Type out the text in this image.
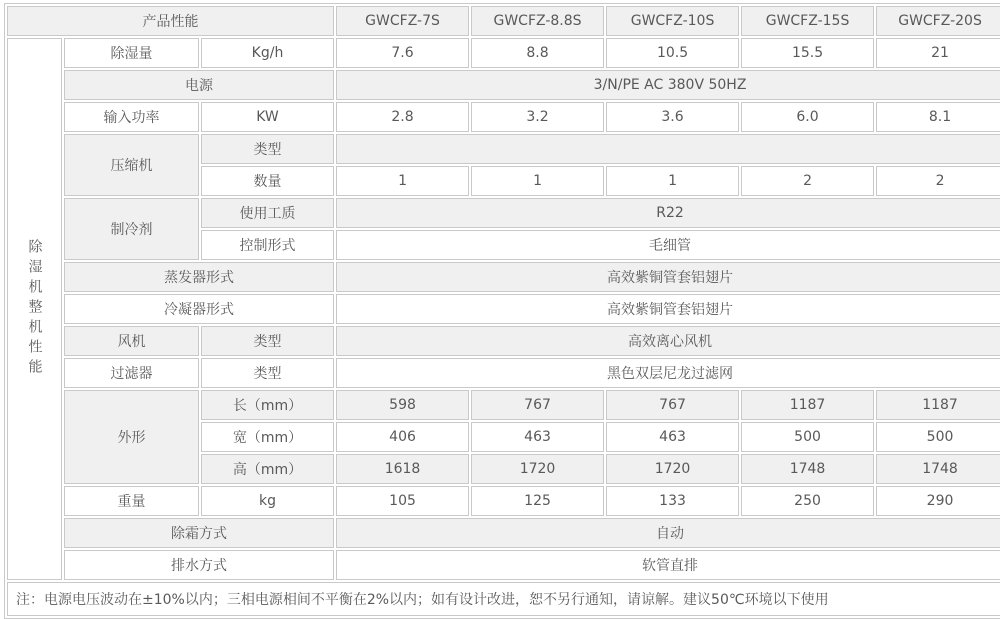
产品性能			GWCFZ-7S	GWCFZ-8.8S	GWCFZ-10S	GWCFZ-15S	GWCFZ-20S
除湿机整机性能	除湿量	Kg/h	7.6	8.8	10.5	15.5	21
	电源		3/N/PE AC 380V 50HZ				
	输入功率	KW	2.8	3.2	3.6	6.0	8.1
	压缩机	类型					
		数量	1	1	1	2	2
	制冷剂	使用工质	R22				
		控制形式	毛细管				
	蒸发器形式		高效紫铜管套铝翅片				
	冷凝器形式		高效紫铜管套铝翅片				
	风机	类型	高效离心风机				
	过滤器	类型	黑色双层尼龙过滤网				
	外形	长（mm）	598	767	767	1187	1187
		宽（mm）	406	463	463	500	500
		高（mm）	1618	1720	1720	1748	1748
	重量	kg	105	125	133	250	290
	除霜方式		自动				
	排水方式		软管直排				
注：电源电压波动在±10%以内；三相电源相间不平衡在2%以内；如有设计改进，恕不另行通知，请谅解。建议50℃环境以下使用							
